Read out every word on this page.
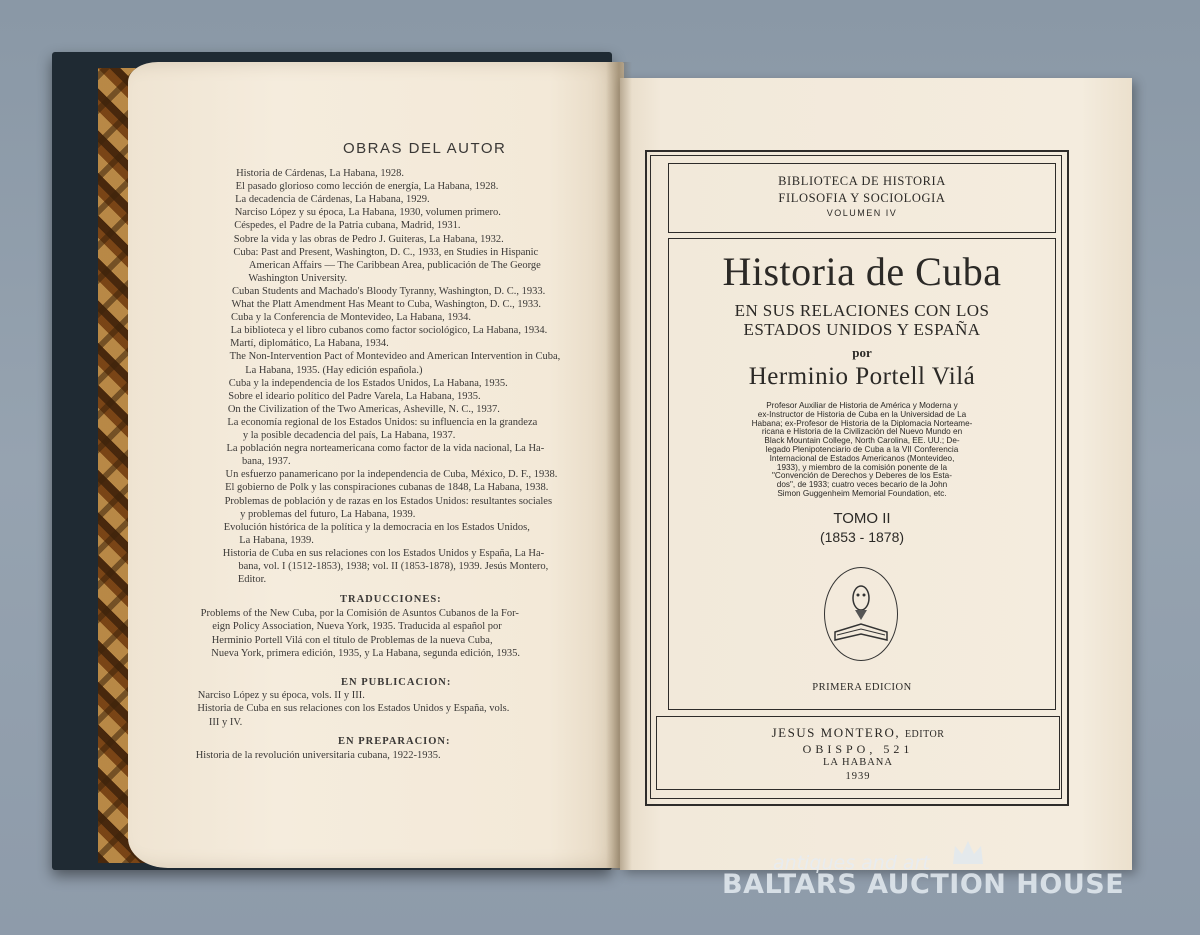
OBRAS DEL AUTOR
Historia de Cárdenas, La Habana, 1928.
El pasado glorioso como lección de energía, La Habana, 1928.
La decadencia de Cárdenas, La Habana, 1929.
Narciso López y su época, La Habana, 1930, volumen primero.
Céspedes, el Padre de la Patria cubana, Madrid, 1931.
Sobre la vida y las obras de Pedro J. Guiteras, La Habana, 1932.
Cuba: Past and Present, Washington, D. C., 1933, en Studies in Hispanic
American Affairs — The Caribbean Area, publicación de The George
Washington University.
Cuban Students and Machado's Bloody Tyranny, Washington, D. C., 1933.
What the Platt Amendment Has Meant to Cuba, Washington, D. C., 1933.
Cuba y la Conferencia de Montevideo, La Habana, 1934.
La biblioteca y el libro cubanos como factor sociológico, La Habana, 1934.
Martí, diplomático, La Habana, 1934.
The Non-Intervention Pact of Montevideo and American Intervention in Cuba,
La Habana, 1935. (Hay edición española.)
Cuba y la independencia de los Estados Unidos, La Habana, 1935.
Sobre el ideario político del Padre Varela, La Habana, 1935.
On the Civilization of the Two Americas, Asheville, N. C., 1937.
La economía regional de los Estados Unidos: su influencia en la grandeza
y la posible decadencia del país, La Habana, 1937.
La población negra norteamericana como factor de la vida nacional, La Ha-
bana, 1937.
Un esfuerzo panamericano por la independencia de Cuba, México, D. F., 1938.
El gobierno de Polk y las conspiraciones cubanas de 1848, La Habana, 1938.
Problemas de población y de razas en los Estados Unidos: resultantes sociales
y problemas del futuro, La Habana, 1939.
Evolución histórica de la política y la democracia en los Estados Unidos,
La Habana, 1939.
Historia de Cuba en sus relaciones con los Estados Unidos y España, La Ha-
bana, vol. I (1512-1853), 1938; vol. II (1853-1878), 1939. Jesús Montero,
Editor.
TRADUCCIONES:
Problems of the New Cuba, por la Comisión de Asuntos Cubanos de la For-
eign Policy Association, Nueva York, 1935. Traducida al español por
Herminio Portell Vilá con el título de Problemas de la nueva Cuba,
Nueva York, primera edición, 1935, y La Habana, segunda edición, 1935.
EN PUBLICACION:
Narciso López y su época, vols. II y III.
Historia de Cuba en sus relaciones con los Estados Unidos y España, vols.
III y IV.
EN PREPARACION:
Historia de la revolución universitaria cubana, 1922-1935.
BIBLIOTECA DE HISTORIA
FILOSOFIA Y SOCIOLOGIA
VOLUMEN IV
Historia de Cuba
EN SUS RELACIONES CON LOS
ESTADOS UNIDOS Y ESPAÑA
por
Herminio Portell Vilá
Profesor Auxiliar de Historia de América y Moderna y
ex-Instructor de Historia de Cuba en la Universidad de La
Habana; ex-Profesor de Historia de la Diplomacia Norteame-
ricana e Historia de la Civilización del Nuevo Mundo en
Black Mountain College, North Carolina, EE. UU.; De-
legado Plenipotenciario de Cuba a la VII Conferencia
Internacional de Estados Americanos (Montevideo,
1933), y miembro de la comisión ponente de la
"Convención de Derechos y Deberes de los Esta-
dos", de 1933; cuatro veces becario de la John
Simon Guggenheim Memorial Foundation, etc.
TOMO II
(1853 - 1878)
PRIMERA EDICION
JESUS MONTERO, EDITOR
OBISPO, 521
LA HABANA
1939
antiques and art
BALTARS AUCTION HOUSE
